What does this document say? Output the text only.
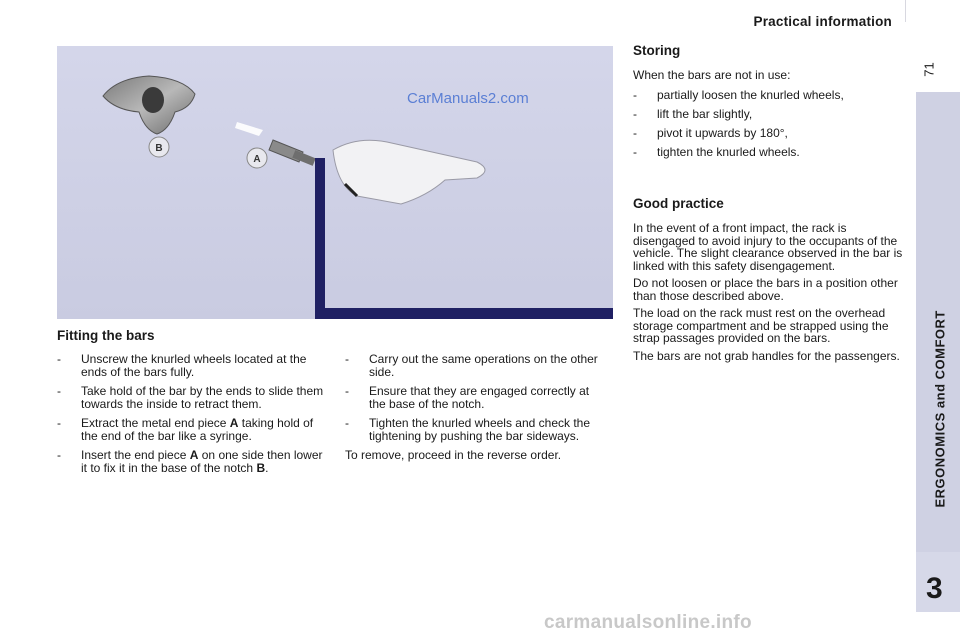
Practical information
71
ERGONOMICS and COMFORT
3
B
A
CarManuals2.com
Fitting the bars
- Unscrew the knurled wheels located at the ends of the bars fully.
- Take hold of the bar by the ends to slide them towards the inside to retract them.
- Extract the metal end piece A taking hold of the end of the bar like a syringe.
- Insert the end piece A on one side then lower it to fix it in the base of the notch B.
- Carry out the same operations on the other side.
- Ensure that they are engaged correctly at the base of the notch.
- Tighten the knurled wheels and check the tightening by pushing the bar sideways.
To remove, proceed in the reverse order.
Storing
When the bars are not in use:
- partially loosen the knurled wheels,
- lift the bar slightly,
- pivot it upwards by 180°,
- tighten the knurled wheels.
Good practice
In the event of a front impact, the rack is disengaged to avoid injury to the occupants of the vehicle. The slight clearance observed in the bar is linked with this safety disengagement.
Do not loosen or place the bars in a position other than those described above.
The load on the rack must rest on the overhead storage compartment and be strapped using the strap passages provided on the bars.
The bars are not grab handles for the passengers.
carmanualsonline.info
